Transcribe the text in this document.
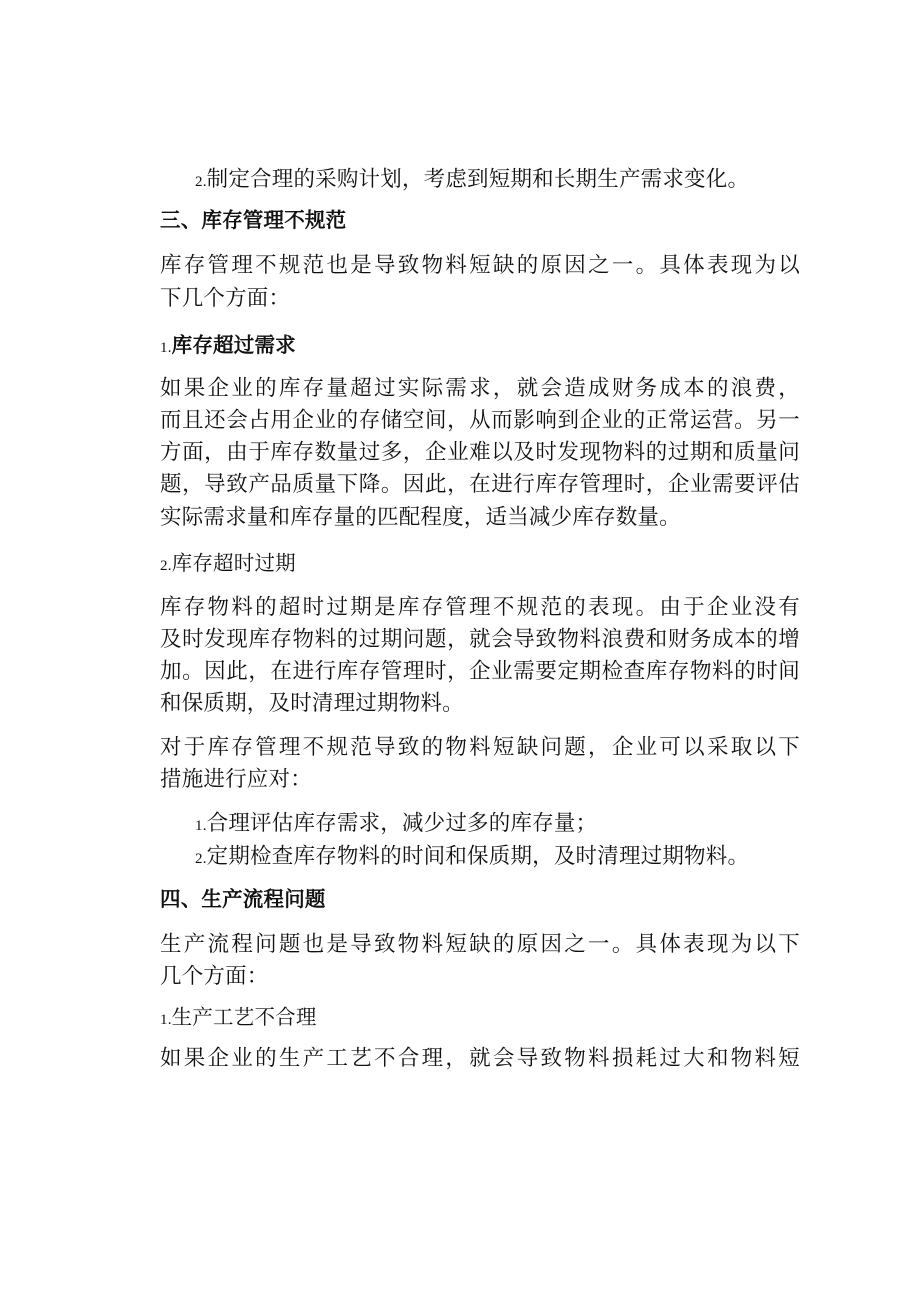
2.制定合理的采购计划，考虑到短期和长期生产需求变化。
三、库存管理不规范
库存管理不规范也是导致物料短缺的原因之一。具体表现为以
下几个方面：
1.库存超过需求
如果企业的库存量超过实际需求，就会造成财务成本的浪费，
而且还会占用企业的存储空间，从而影响到企业的正常运营。另一
方面，由于库存数量过多，企业难以及时发现物料的过期和质量问
题，导致产品质量下降。因此，在进行库存管理时，企业需要评估
实际需求量和库存量的匹配程度，适当减少库存数量。
2.库存超时过期
库存物料的超时过期是库存管理不规范的表现。由于企业没有
及时发现库存物料的过期问题，就会导致物料浪费和财务成本的增
加。因此，在进行库存管理时，企业需要定期检查库存物料的时间
和保质期，及时清理过期物料。
对于库存管理不规范导致的物料短缺问题，企业可以采取以下
措施进行应对：
1.合理评估库存需求，减少过多的库存量；
2.定期检查库存物料的时间和保质期，及时清理过期物料。
四、生产流程问题
生产流程问题也是导致物料短缺的原因之一。具体表现为以下
几个方面：
1.生产工艺不合理
如果企业的生产工艺不合理，就会导致物料损耗过大和物料短
